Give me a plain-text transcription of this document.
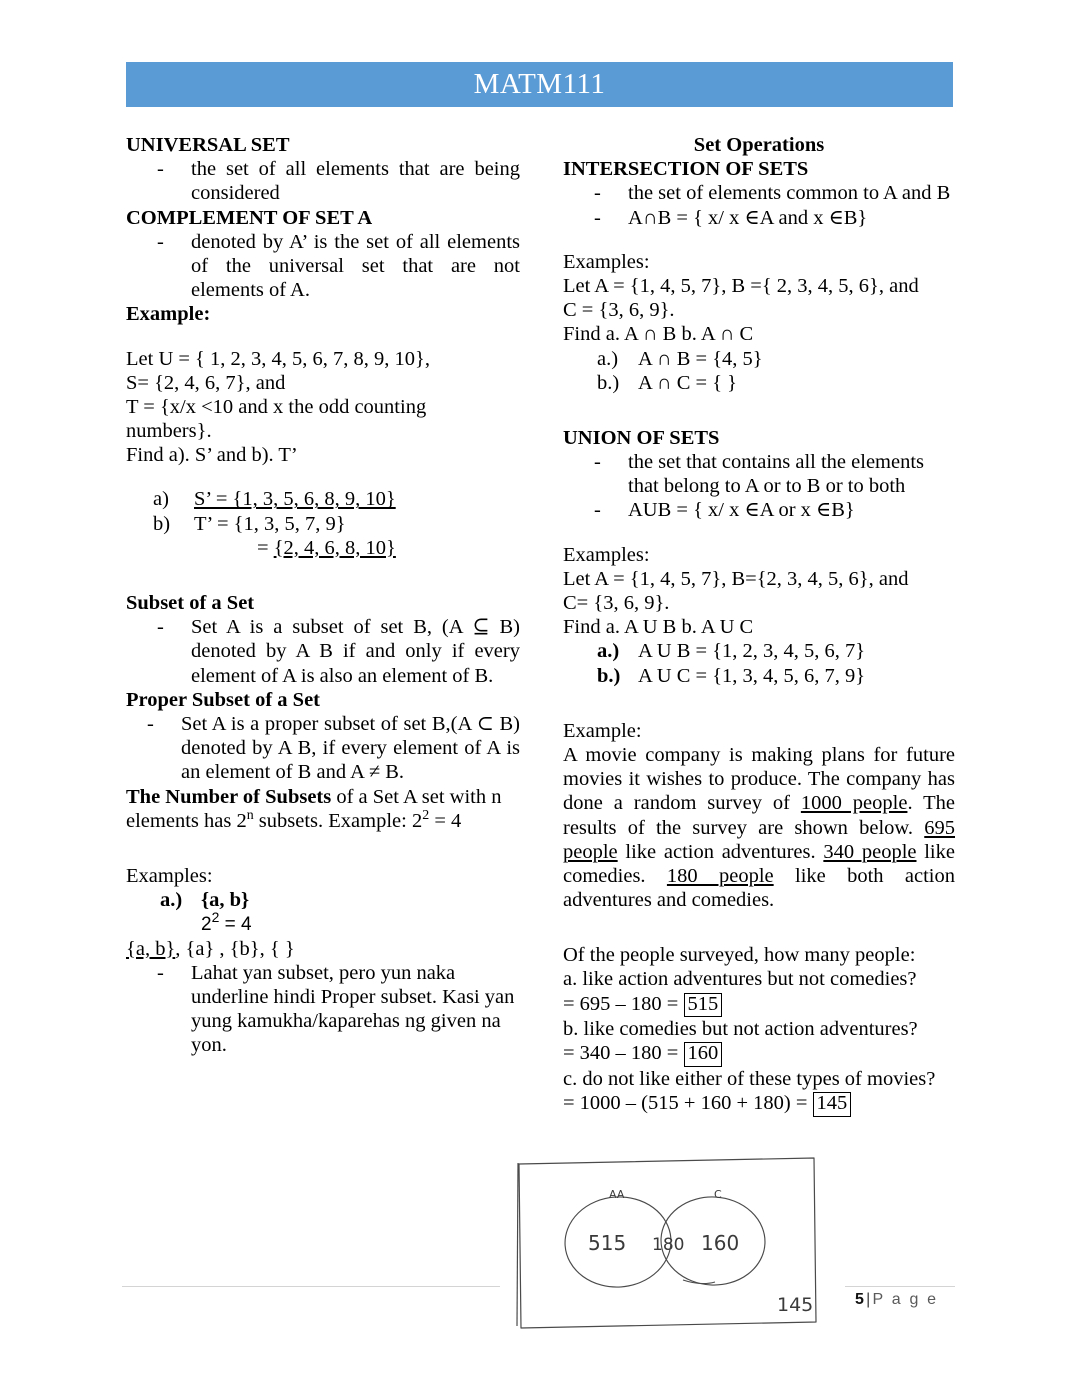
MATM111

UNIVERSAL SET

- the set of all elements that are being considered

COMPLEMENT OF SET A

- denoted by A’ is the set of all elements of the universal set that are not elements of A.

Example:

Let U = { 1, 2, 3, 4, 5, 6, 7, 8, 9, 10},

S= {2, 4, 6, 7}, and

T = {x/x <10 and x the odd counting

numbers}.

Find a). S’ and b). T’

a) S’ = {1, 3, 5, 6, 8, 9, 10}

b) T’ = {1, 3, 5, 7, 9}

= {2, 4, 6, 8, 10}

Subset of a Set

- Set A is a subset of set B, (A ⊆ B) denoted by A B if and only if every element of A is also an element of B.

Proper Subset of a Set

- Set A is a proper subset of set B,(A ⊂ B) denoted by A B, if every element of A is an element of B and A ≠ B.

The Number of Subsets of a Set A set with n elements has 2$^n$ subsets. Example: $2^2 = 4$

Examples:

a.) {a, b}

$2^2 = 4$

{a, b}, {a} , {b}, { }

- Lahat yan subset, pero yun naka underline hindi Proper subset. Kasi yan yung kamukha/kaparehas ng given na yon.

Set Operations

INTERSECTION OF SETS

- the set of elements common to A and B

- A∩B = { x/ x ∈A and x ∈B}

Examples:

Let A = {1, 4, 5, 7}, B ={ 2, 3, 4, 5, 6}, and

C = {3, 6, 9}.

Find a. A ∩ B b. A ∩ C

a.) A ∩ B = {4, 5}

b.) A ∩ C = { }

UNION OF SETS

- the set that contains all the elements that belong to A or to B or to both

- AUB = { x/ x ∈A or x ∈B}

Examples:

Let A = {1, 4, 5, 7}, B={2, 3, 4, 5, 6}, and

C= {3, 6, 9}.

Find a. A U B b. A U C

a.) A U B = {1, 2, 3, 4, 5, 6, 7}

b.) A U C = {1, 3, 4, 5, 6, 7, 9}

Example:

A movie company is making plans for future movies it wishes to produce. The company has done a random survey of 1000 people. The results of the survey are shown below. 695 people like action adventures. 340 people like comedies. 180 people like both action adventures and comedies.

Of the people surveyed, how many people:

a. like action adventures but not comedies?

= 695 – 180 = 515

b. like comedies but not action adventures?

= 340 – 180 = 160

c. do not like either of these types of movies?

= 1000 – (515 + 160 + 180) = 145

AA	C
515 180 160
145	5|P a g e
